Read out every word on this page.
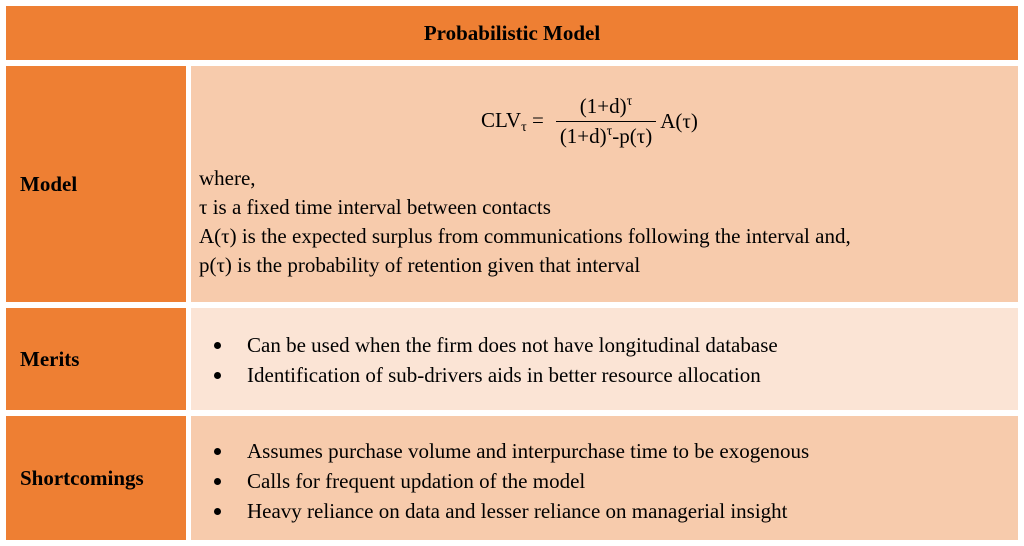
Probabilistic Model
Model
$CLV_\tau = \frac{(1+d)^\tau}{(1+d)^\tau-p(\tau)} A(\tau)$
where,
τ is a fixed time interval between contacts
A(τ) is the expected surplus from communications following the interval and,
p(τ) is the probability of retention given that interval
Merits
Can be used when the firm does not have longitudinal database
Identification of sub-drivers aids in better resource allocation
Shortcomings
Assumes purchase volume and interpurchase time to be exogenous
Calls for frequent updation of the model
Heavy reliance on data and lesser reliance on managerial insight
